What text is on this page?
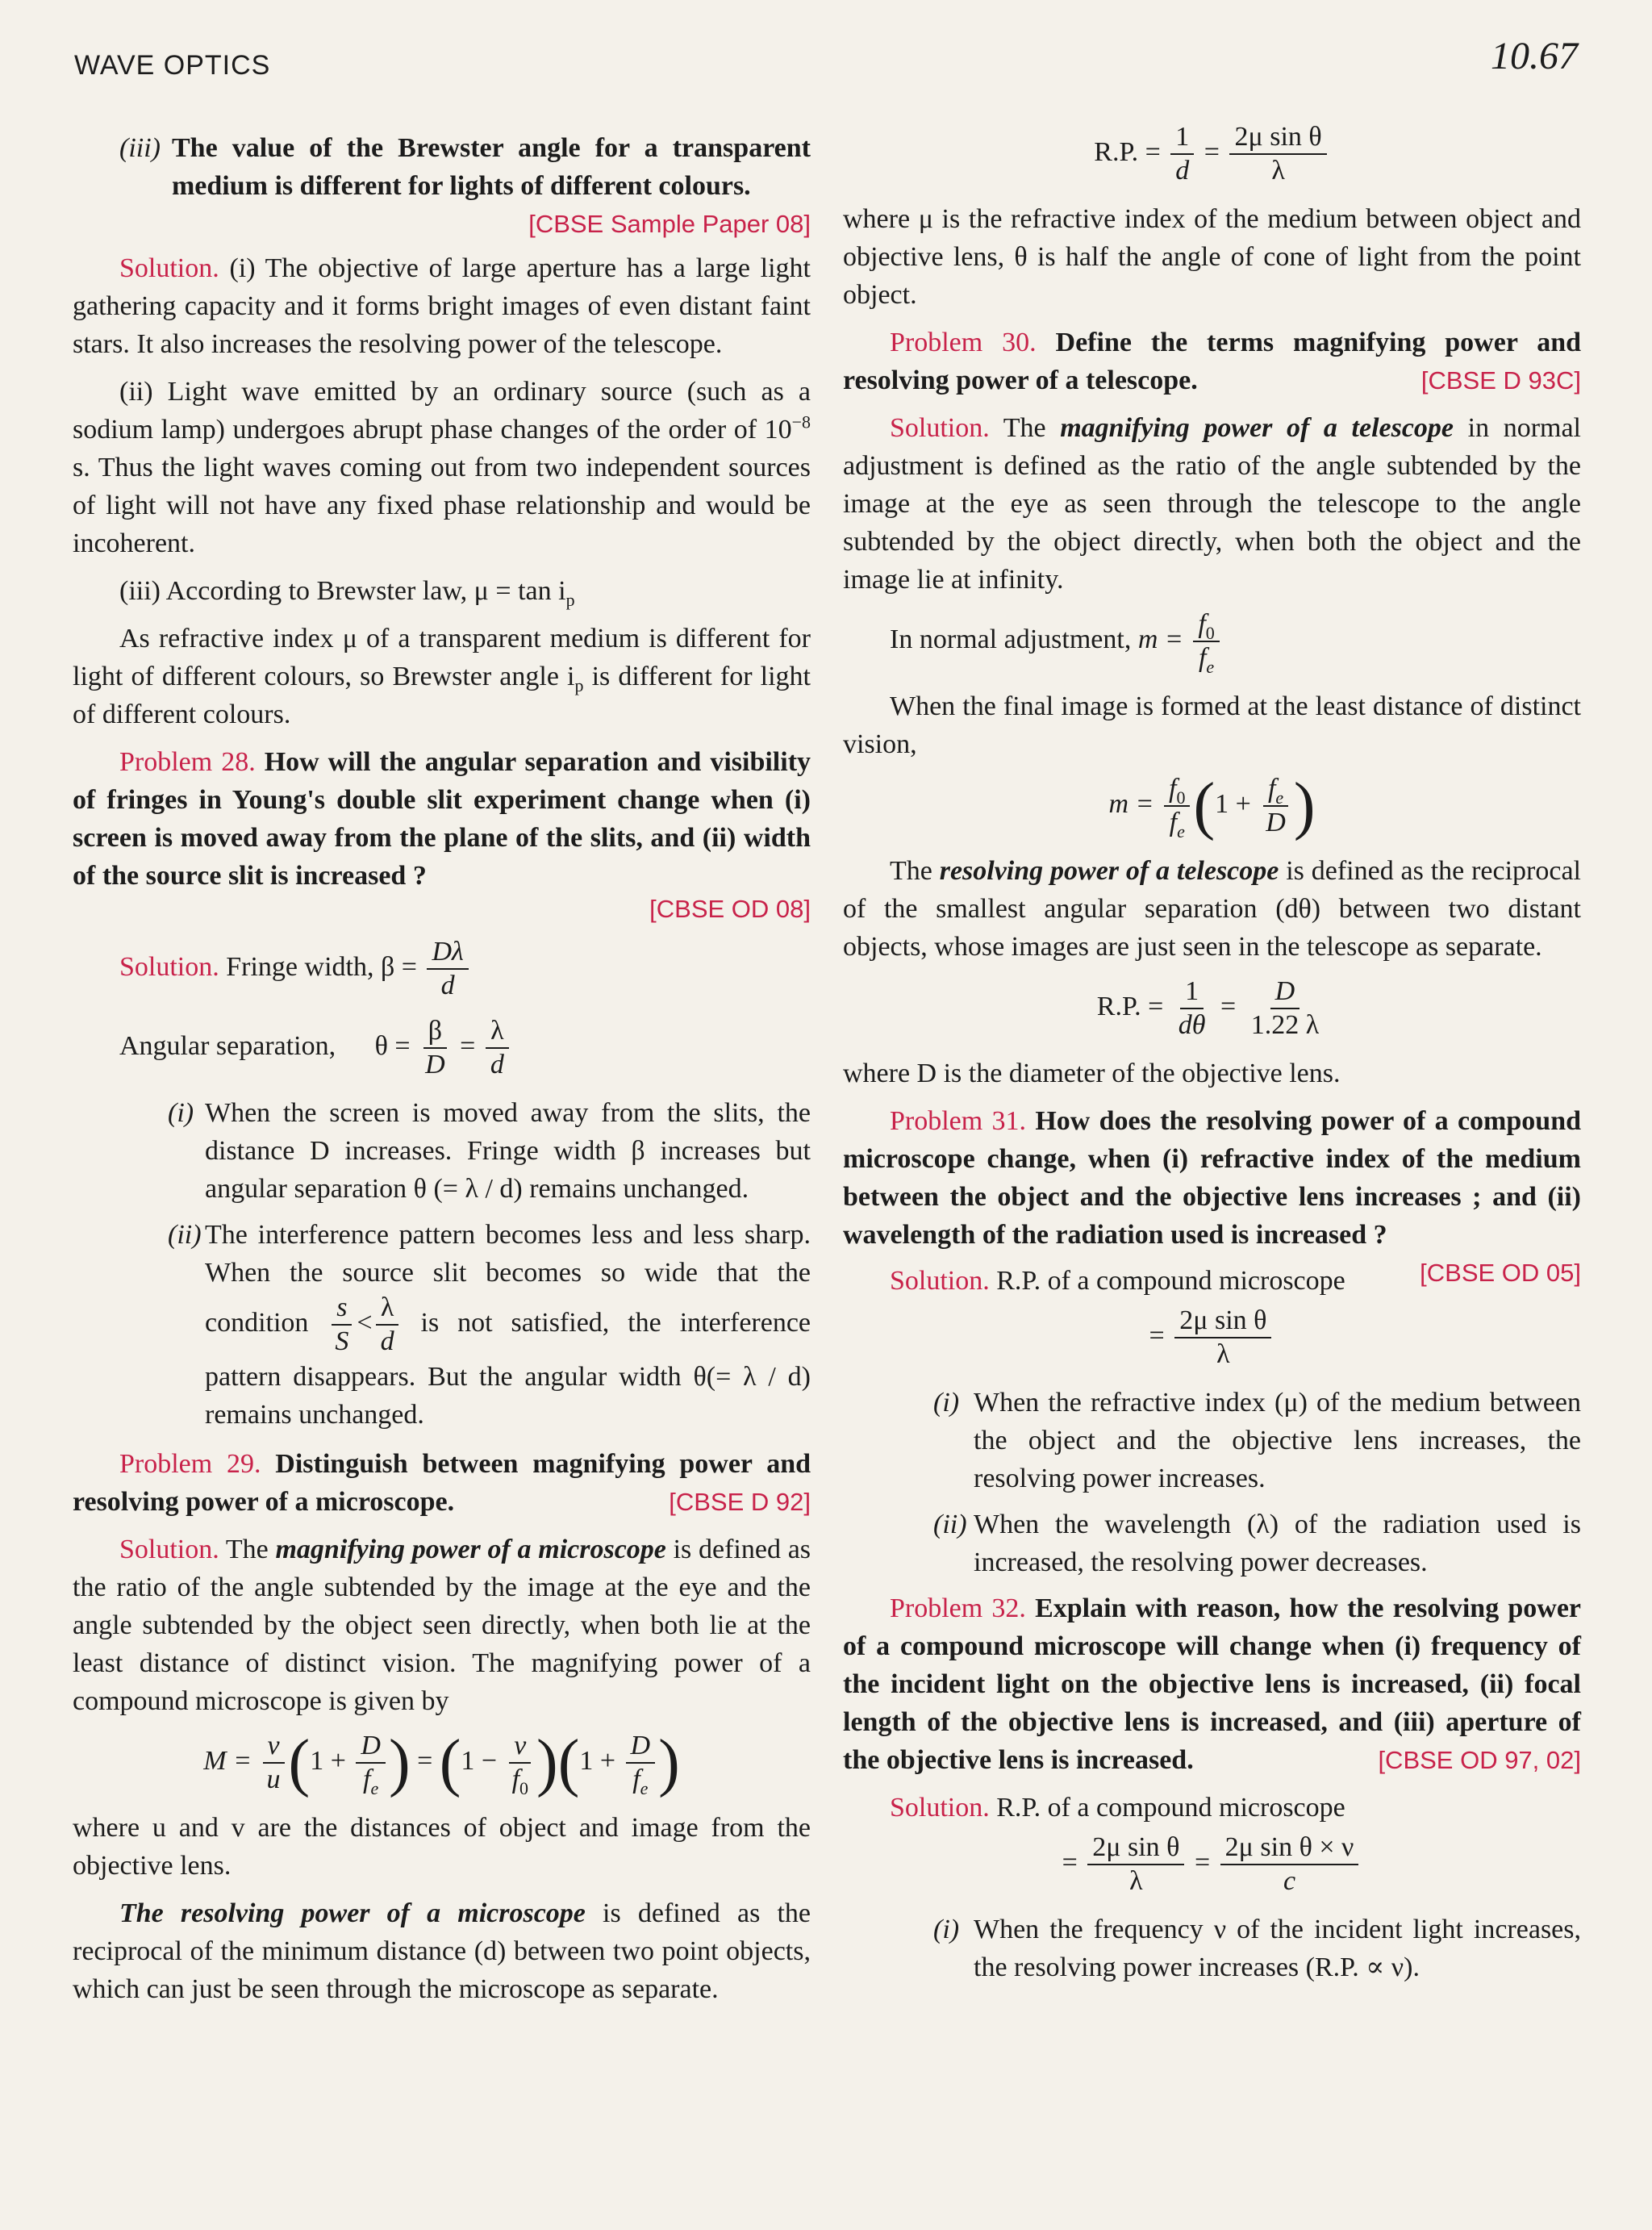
WAVE OPTICS	10.67
(iii) The value of the Brewster angle for a transparent medium is different for lights of different colours.
[CBSE Sample Paper 08]

Solution. (i) The objective of large aperture has a large light gathering capacity and it forms bright images of even distant faint stars. It also increases the resolving power of the telescope.

(ii) Light wave emitted by an ordinary source (such as a sodium lamp) undergoes abrupt phase changes of the order of $10^{-8}$ s. Thus the light waves coming out from two independent sources of light will not have any fixed phase relationship and would be incoherent.

(iii) According to Brewster law, $\mu = \tan i_p$

As refractive index μ of a transparent medium is different for light of different colours, so Brewster angle $i_p$ is different for light of different colours.

Problem 28. How will the angular separation and visibility of fringes in Young's double slit experiment change when (i) screen is moved away from the plane of the slits, and (ii) width of the source slit is increased ?

[CBSE OD 08]
Solution. Fringe width, $\beta = \frac{D\lambda}{d}$
Angular separation, $\theta = \frac{\beta}{D} = \frac{\lambda}{d}$
(i) When the screen is moved away from the slits, the distance D increases. Fringe width β increases but angular separation θ (= λ / d) remains unchanged.
(ii) The interference pattern becomes less and less sharp. When the source slit becomes so wide that the condition $\frac{s}{S} < \frac{\lambda}{d}$ is not satisfied, the interference pattern disappears. But the angular width θ(= λ / d) remains unchanged.

Problem 29. Distinguish between magnifying power and resolving power of a microscope.	[CBSE D 92]

Solution. The magnifying power of a microscope is defined as the ratio of the angle subtended by the image at the eye and the angle subtended by the object seen directly, when both lie at the least distance of distinct vision. The magnifying power of a compound microscope is given by

$M = \frac{v}{u} (1 + \frac{D}{f_e}$ ) = $(1 - \frac{v}{f_0} )(1 + \frac{D}{f_e}$ )

where u and v are the distances of object and image from the objective lens.

The resolving power of a microscope is defined as the reciprocal of the minimum distance (d) between two point objects, which can just be seen through the microscope as separate.

R.P. = $\frac{1}{d} = \frac{\text{2μ sin θ}}{\lambda}$

where μ is the refractive index of the medium between object and objective lens, θ is half the angle of cone of light from the point object.

Problem 30. Define the terms magnifying power and resolving power of a telescope.	[CBSE D 93C]

Solution. The magnifying power of a telescope in normal adjustment is defined as the ratio of the angle subtended by the image at the eye as seen through the telescope to the angle subtended by the object directly, when both the object and the image lie at infinity.

In normal adjustment, $m = \frac{f_0}{f_e}$

When the final image is formed at the least distance of distinct vision,

$m = \frac{f_0}{f_e} (1 + \frac{f_e}{D}$ )

The resolving power of a telescope is defined as the reciprocal of the smallest angular separation (dθ) between two distant objects, whose images are just seen in the telescope as separate.

R.P. = $\frac{1}{d\theta} = \frac{D}{1.22 \lambda}$

where D is the diameter of the objective lens.

Problem 31. How does the resolving power of a compound microscope change, when (i) refractive index of the medium between the object and the objective lens increases ; and (ii) wavelength of the radiation used is increased ?
[CBSE OD 05]

Solution. R.P. of a compound microscope

= $\frac{\text{2μ sin θ}}{\lambda}$
(i) When the refractive index (μ) of the medium between the object and the objective lens increases, the resolving power increases.
(ii) When the wavelength (λ) of the radiation used is increased, the resolving power decreases.

Problem 32. Explain with reason, how the resolving power of a compound microscope will change when (i) frequency of the incident light on the objective lens is increased, (ii) focal length of the objective lens is increased, and (iii) aperture of the objective lens is increased.	[CBSE OD 97, 02]

Solution. R.P. of a compound microscope

= $\frac{\text{2μ sin θ}}{\lambda} = \frac{\text{2μ sin θ × ν}}{c}$
(i) When the frequency ν of the incident light increases, the resolving power increases (R.P. ∝ ν).
